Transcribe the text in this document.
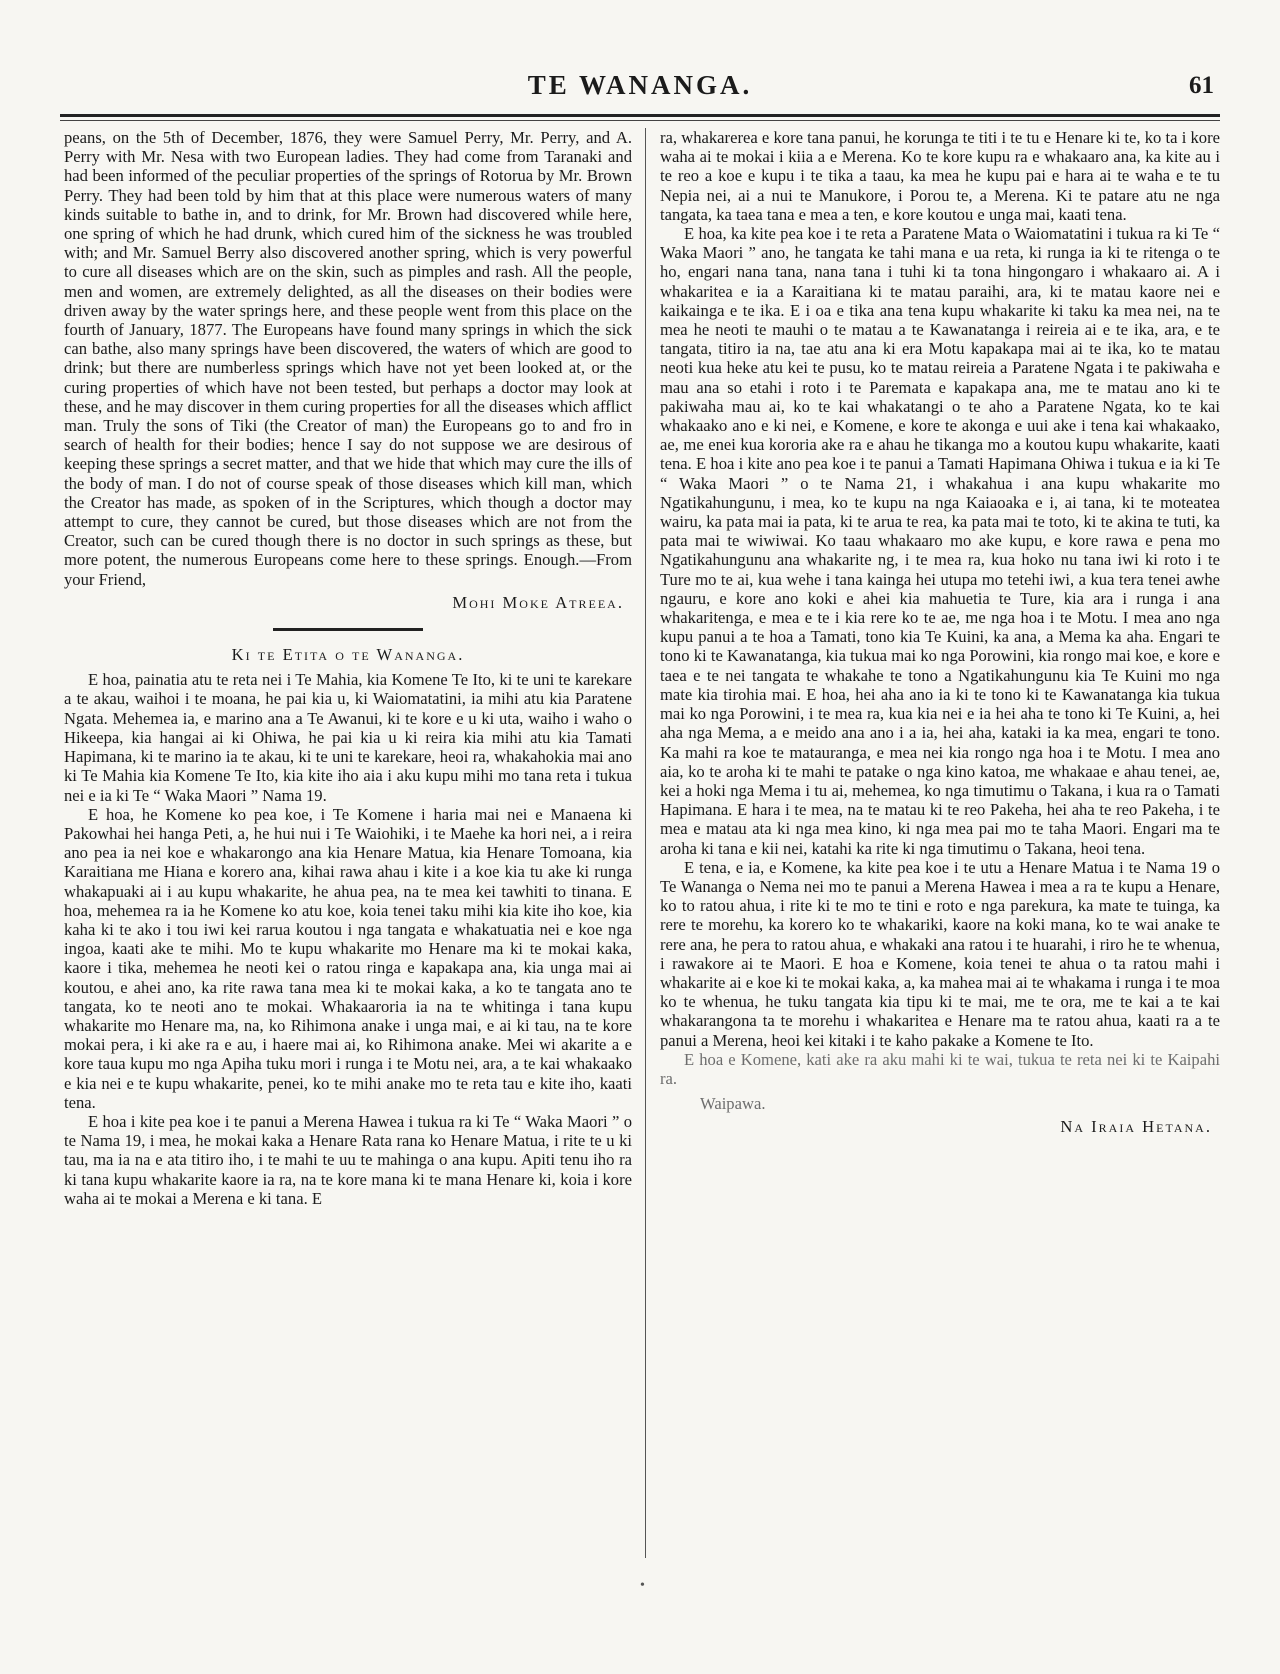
TE WANANGA.	61

peans, on the 5th of December, 1876, they were Samuel Perry, Mr. Perry, and A. Perry with Mr. Nesa with two European ladies. They had come from Taranaki and had been informed of the peculiar properties of the springs of Rotorua by Mr. Brown Perry. They had been told by him that at this place were numerous waters of many kinds suitable to bathe in, and to drink, for Mr. Brown had discovered while here, one spring of which he had drunk, which cured him of the sickness he was troubled with; and Mr. Samuel Berry also discovered another spring, which is very powerful to cure all diseases which are on the skin, such as pimples and rash. All the people, men and women, are extremely delighted, as all the diseases on their bodies were driven away by the water springs here, and these people went from this place on the fourth of January, 1877. The Europeans have found many springs in which the sick can bathe, also many springs have been discovered, the waters of which are good to drink; but there are numberless springs which have not yet been looked at, or the curing properties of which have not been tested, but perhaps a doctor may look at these, and he may discover in them curing properties for all the diseases which afflict man. Truly the sons of Tiki (the Creator of man) the Europeans go to and fro in search of health for their bodies; hence I say do not suppose we are desirous of keeping these springs a secret matter, and that we hide that which may cure the ills of the body of man. I do not of course speak of those diseases which kill man, which the Creator has made, as spoken of in the Scriptures, which though a doctor may attempt to cure, they cannot be cured, but those diseases which are not from the Creator, such can be cured though there is no doctor in such springs as these, but more potent, the numerous Europeans come here to these springs. Enough.—From your Friend,

Mohi Moke Atreea.
Ki te Etita o te Wananga.

E hoa, painatia atu te reta nei i Te Mahia, kia Komene Te Ito, ki te uni te karekare a te akau, waihoi i te moana, he pai kia u, ki Waiomatatini, ia mihi atu kia Paratene Ngata. Mehemea ia, e marino ana a Te Awanui, ki te kore e u ki uta, waiho i waho o Hikeepa, kia hangai ai ki Ohiwa, he pai kia u ki reira kia mihi atu kia Tamati Hapimana, ki te marino ia te akau, ki te uni te karekare, heoi ra, whakahokia mai ano ki Te Mahia kia Komene Te Ito, kia kite iho aia i aku kupu mihi mo tana reta i tukua nei e ia ki Te “ Waka Maori ” Nama 19.

E hoa, he Komene ko pea koe, i Te Komene i haria mai nei e Manaena ki Pakowhai hei hanga Peti, a, he hui nui i Te Waiohiki, i te Maehe ka hori nei, a i reira ano pea ia nei koe e whakarongo ana kia Henare Matua, kia Henare Tomoana, kia Karaitiana me Hiana e korero ana, kihai rawa ahau i kite i a koe kia tu ake ki runga whakapuaki ai i au kupu whakarite, he ahua pea, na te mea kei tawhiti to tinana. E hoa, mehemea ra ia he Komene ko atu koe, koia tenei taku mihi kia kite iho koe, kia kaha ki te ako i tou iwi kei rarua koutou i nga tangata e whakatuatia nei e koe nga ingoa, kaati ake te mihi. Mo te kupu whakarite mo Henare ma ki te mokai kaka, kaore i tika, mehemea he neoti kei o ratou ringa e kapakapa ana, kia unga mai ai koutou, e ahei ano, ka rite rawa tana mea ki te mokai kaka, a ko te tangata ano te tangata, ko te neoti ano te mokai. Whakaaroria ia na te whitinga i tana kupu whakarite mo Henare ma, na, ko Rihimona anake i unga mai, e ai ki tau, na te kore mokai pera, i ki ake ra e au, i haere mai ai, ko Rihimona anake. Mei wi akarite a e kore taua kupu mo nga Apiha tuku mori i runga i te Motu nei, ara, a te kai whakaako e kia nei e te kupu whakarite, penei, ko te mihi anake mo te reta tau e kite iho, kaati tena.

E hoa i kite pea koe i te panui a Merena Hawea i tukua ra ki Te “ Waka Maori ” o te Nama 19, i mea, he mokai kaka a Henare Rata rana ko Henare Matua, i rite te u ki tau, ma ia na e ata titiro iho, i te mahi te uu te mahinga o ana kupu. Apiti tenu iho ra ki tana kupu whakarite kaore ia ra, na te kore mana ki te mana Henare ki, koia i kore waha ai te mokai a Merena e ki tana. E

ra, whakarerea e kore tana panui, he korunga te titi i te tu e Henare ki te, ko ta i kore waha ai te mokai i kiia a e Merena. Ko te kore kupu ra e whakaaro ana, ka kite au i te reo a koe e kupu i te tika a taau, ka mea he kupu pai e hara ai te waha e te tu Nepia nei, ai a nui te Manukore, i Porou te, a Merena. Ki te patare atu ne nga tangata, ka taea tana e mea a ten, e kore koutou e unga mai, kaati tena.

E hoa, ka kite pea koe i te reta a Paratene Mata o Waiomatatini i tukua ra ki Te “ Waka Maori ” ano, he tangata ke tahi mana e ua reta, ki runga ia ki te ritenga o te ho, engari nana tana, nana tana i tuhi ki ta tona hingongaro i whakaaro ai. A i whakaritea e ia a Karaitiana ki te matau paraihi, ara, ki te matau kaore nei e kaikainga e te ika. E i oa e tika ana tena kupu whakarite ki taku ka mea nei, na te mea he neoti te mauhi o te matau a te Kawanatanga i reireia ai e te ika, ara, e te tangata, titiro ia na, tae atu ana ki era Motu kapakapa mai ai te ika, ko te matau neoti kua heke atu kei te pusu, ko te matau reireia a Paratene Ngata i te pakiwaha e mau ana so etahi i roto i te Paremata e kapakapa ana, me te matau ano ki te pakiwaha mau ai, ko te kai whakatangi o te aho a Paratene Ngata, ko te kai whakaako ano e ki nei, e Komene, e kore te akonga e uui ake i tena kai whakaako, ae, me enei kua kororia ake ra e ahau he tikanga mo a koutou kupu whakarite, kaati tena. E hoa i kite ano pea koe i te panui a Tamati Hapimana Ohiwa i tukua e ia ki Te “ Waka Maori ” o te Nama 21, i whakahua i ana kupu whakarite mo Ngatikahungunu, i mea, ko te kupu na nga Kaiaoaka e i, ai tana, ki te moteatea wairu, ka pata mai ia pata, ki te arua te rea, ka pata mai te toto, ki te akina te tuti, ka pata mai te wiwiwai. Ko taau whakaaro mo ake kupu, e kore rawa e pena mo Ngatikahungunu ana whakarite ng, i te mea ra, kua hoko nu tana iwi ki roto i te Ture mo te ai, kua wehe i tana kainga hei utupa mo tetehi iwi, a kua tera tenei awhe ngauru, e kore ano koki e ahei kia mahuetia te Ture, kia ara i runga i ana whakaritenga, e mea e te i kia rere ko te ae, me nga hoa i te Motu. I mea ano nga kupu panui a te hoa a Tamati, tono kia Te Kuini, ka ana, a Mema ka aha. Engari te tono ki te Kawanatanga, kia tukua mai ko nga Porowini, kia rongo mai koe, e kore e taea e te nei tangata te whakahe te tono a Ngatikahungunu kia Te Kuini mo nga mate kia tirohia mai. E hoa, hei aha ano ia ki te tono ki te Kawanatanga kia tukua mai ko nga Porowini, i te mea ra, kua kia nei e ia hei aha te tono ki Te Kuini, a, hei aha nga Mema, a e meido ana ano i a ia, hei aha, kataki ia ka mea, engari te tono. Ka mahi ra koe te mataurangа, e mea nei kia rongo nga hoa i te Motu. I mea ano aia, ko te aroha ki te mahi te patake o nga kino katoa, me whakaae e ahau tenei, ae, kei a hoki nga Mema i tu ai, mehemea, ko nga timutimu o Takana, i kua ra o Tamati Hapimana. E hara i te mea, na te matau ki te reo Pakeha, hei aha te reo Pakeha, i te mea e matau ata ki nga mea kino, ki nga mea pai mo te taha Maori. Engari ma te aroha ki tana e kii nei, katahi ka rite ki nga timutimu o Takana, heoi tena.

E tena, e ia, e Komene, ka kite pea koe i te utu a Henare Matua i te Nama 19 o Te Wananga o Nema nei mo te panui a Merena Hawea i mea a ra te kupu a Henare, ko to ratou ahua, i rite ki te mo te tini e roto e nga parekura, ka mate te tuinga, ka rere te morehu, ka korero ko te whakariki, kaore na koki mana, ko te wai anake te rere ana, he pera to ratou ahua, e whakaki ana ratou i te huarahi, i riro he te whenua, i rawakore ai te Maori. E hoa e Komene, koia tenei te ahua o ta ratou mahi i whakarite ai e koe ki te mokai kaka, a, ka mahea mai ai te whakama i runga i te moa ko te whenua, he tuku tangata kia tipu ki te mai, me te ora, me te kai a te kai whakarangona ta te morehu i whakaritea e Henare ma te ratou ahua, kaati ra a te panui a Merena, heoi kei kitaki i te kaho pakake a Komene te Ito.

E hoa e Komene, kati ake ra aku mahi ki te wai, tukua te reta nei ki te Kaipahi ra.

Waipawa.
Na Iraia Hetana.
•
